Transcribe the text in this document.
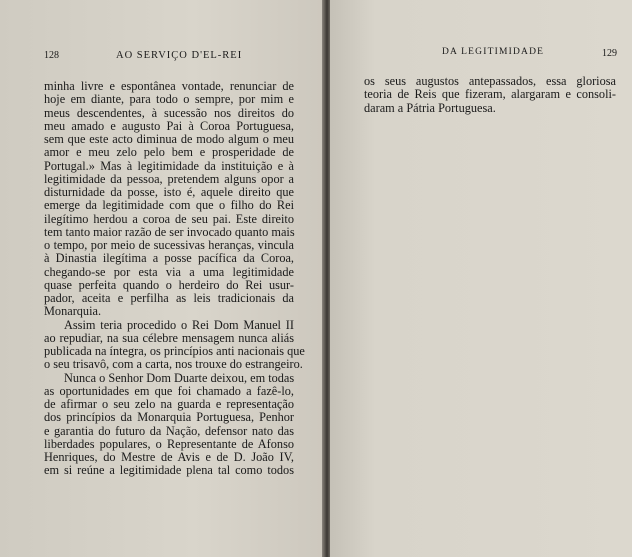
128	AO SERVIÇO D'EL-REI
minha livre e espontânea vontade, renunciar de
hoje em diante, para todo o sempre, por mim e
meus descendentes, à sucessão nos direitos do
meu amado e augusto Pai à Coroa Portuguesa,
sem que este acto diminua de modo algum o meu
amor e meu zelo pelo bem e prosperidade de
Portugal.» Mas à legitimidade da instituição e à
legitimidade da pessoa, pretendem alguns opor a
disturnidade da posse, isto é, aquele direito que
emerge da legitimidade com que o filho do Rei
ilegítimo herdou a coroa de seu pai. Este direito
tem tanto maior razão de ser invocado quanto mais
o tempo, por meio de sucessivas heranças, vincula
à Dinastia ilegítima a posse pacífica da Coroa,
chegando-se por esta via a uma legitimidade
quase perfeita quando o herdeiro do Rei usur-
pador, aceita e perfilha as leis tradicionais da
Monarquia.
Assim teria procedido o Rei Dom Manuel II
ao repudiar, na sua célebre mensagem nunca aliás
publicada na íntegra, os princípios anti nacionais que
o seu trisavô, com a carta, nos trouxe do estrangeiro.
Nunca o Senhor Dom Duarte deixou, em todas
as oportunidades em que foi chamado a fazê-lo,
de afirmar o seu zelo na guarda e representação
dos princípios da Monarquia Portuguesa, Penhor
e garantia do futuro da Nação, defensor nato das
liberdades populares, o Representante de Afonso
Henriques, do Mestre de Avis e de D. João IV,
em si reúne a legitimidade plena tal como todos
DA LEGITIMIDADE	129
os seus augustos antepassados, essa gloriosa
teoria de Reis que fizeram, alargaram e consoli-
daram a Pátria Portuguesa.
